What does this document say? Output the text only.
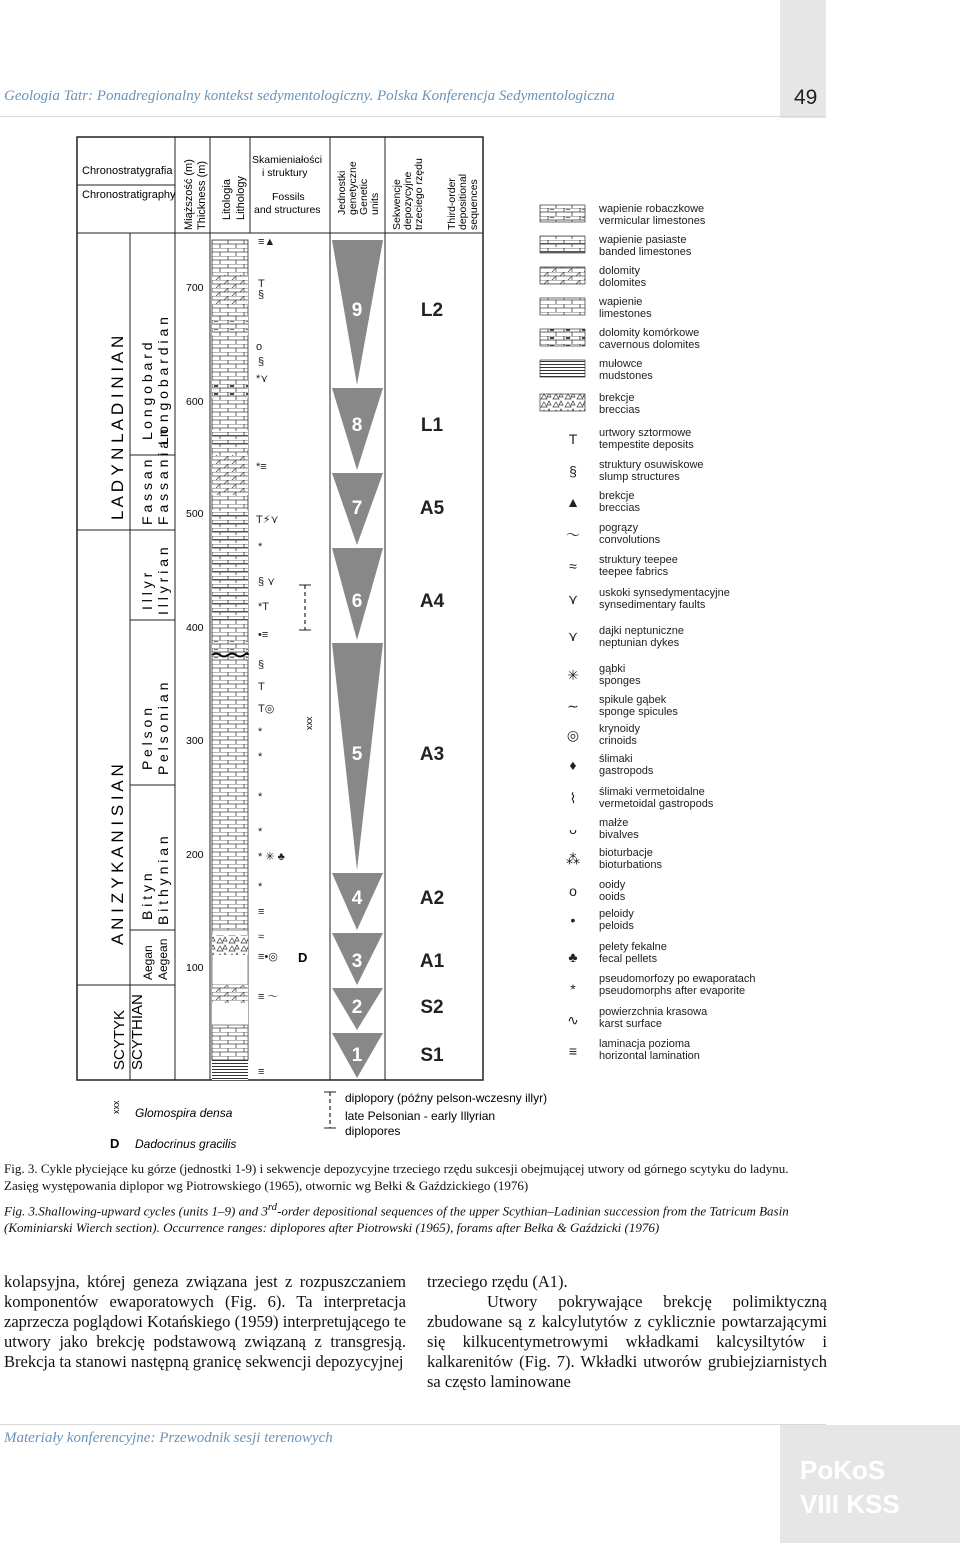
Geologia Tatr: Ponadregionalny kontekst sedymentologiczny. Polska Konferencja Sedymentologiczna	49
Chronostratygrafia
Chronostratigraphy Miąższość (m) Thickness (m) Litologia Lithology
Skamieniałości
i struktury
Fossils
and structures Jednostki genetyczne Genetic units Sekwencje depozycyjne trzeciego rzędu Third-order depositional sequences
L A D Y N L A D I N I A N
A N I Z Y K A N I S I A N
SCYTYK SCYTHIAN
L o n g o b a r d L o n g o b a r d i a n
F a s s a n F a s s a n i a n
I l l y r I l l y r i a n
P e l s o n P e l s o n i a n
B i t y n B i t h y n i a n
Aegan Aegean
700
600
500
400
300
200
100
≡▲
T
§
o
§
*⋎
*≡
T⚡⋎
*
§ ⋎
*T
•≡
§
T
T◎
*
*
*
*
* ✳ ♣
*
≡
≈
≡•◎
≡ 〜
≡
xxx
D
9
8
7
6
5
4
3
2
1
L2
L1
A5
A4
A3
A2
A1
S2
S1
xxx Glomospira densa
D Dadocrinus gracilis
diplopory (późny pelson-wczesny illyr)
late Pelsonian - early Illyrian
diplopores
T
§
▲
〜
≈
⋎
⋎
✳
∼
◎
♦
⌇
ᴗ
⁂
o
•
♣
*
∿
≡
wapienie robaczkowe
vermicular limestones
wapienie pasiaste
banded limestones
dolomity
dolomites
wapienie
limestones
dolomity komórkowe
cavernous dolomites
mułowce
mudstones
brekcje
breccias
urtwory sztormowe
tempestite deposits
struktury osuwiskowe
slump structures
brekcje
breccias
pogrązy
convolutions
struktury teepee
teepee fabrics
uskoki synsedymentacyjne
synsedimentary faults
dajki neptuniczne
neptunian dykes
gąbki
sponges
spikule gąbek
sponge spicules
krynoidy
crinoids
ślimaki
gastropods
ślimaki vermetoidalne
vermetoidal gastropods
małże
bivalves
bioturbacje
bioturbations
ooidy
ooids
peloidy
peloids
pelety fekalne
fecal pellets
pseudomorfozy po ewaporatach
pseudomorphs after evaporite
powierzchnia krasowa
karst surface
laminacja pozioma
horizontal lamination
Fig. 3. Cykle płyciejące ku górze (jednostki 1-9) i sekwencje depozycyjne trzeciego rzędu sukcesji obejmującej utwory od górnego scytyku do ladynu. Zasięg występowania diplopor wg Piotrowskiego (1965), otwornic wg Bełki & Gaździckiego (1976)
Fig. 3.Shallowing-upward cycles (units 1–9) and 3rd-order depositional sequences of the upper Scythian–Ladinian succession from the Tatricum Basin (Kominiarski Wierch section). Occurrence ranges: diplopores after Piotrowski (1965), forams after Bełka & Gaździcki (1976)
kolapsyjna, której geneza związana jest z rozpuszczaniem komponentów ewaporatowych (Fig. 6). Ta interpretacja zaprzecza poglądowi Kotańskiego (1959) interpretującego te utwory jako brekcję podstawową związaną z transgresją. Brekcja ta stanowi następną granicę sekwencji depozycyjnej
trzeciego rzędu (A1).
Utwory pokrywające brekcję polimiktyczną zbudowane są z kalcylutytów z cyklicznie powtarzającymi się kilkucentymetrowymi wkładkami kalcysiltytów i kalkarenitów (Fig. 7). Wkładki utworów grubiejziarnistych sa często laminowane
Materiały konferencyjne: Przewodnik sesji terenowych
PoKoS
VIII KSS
